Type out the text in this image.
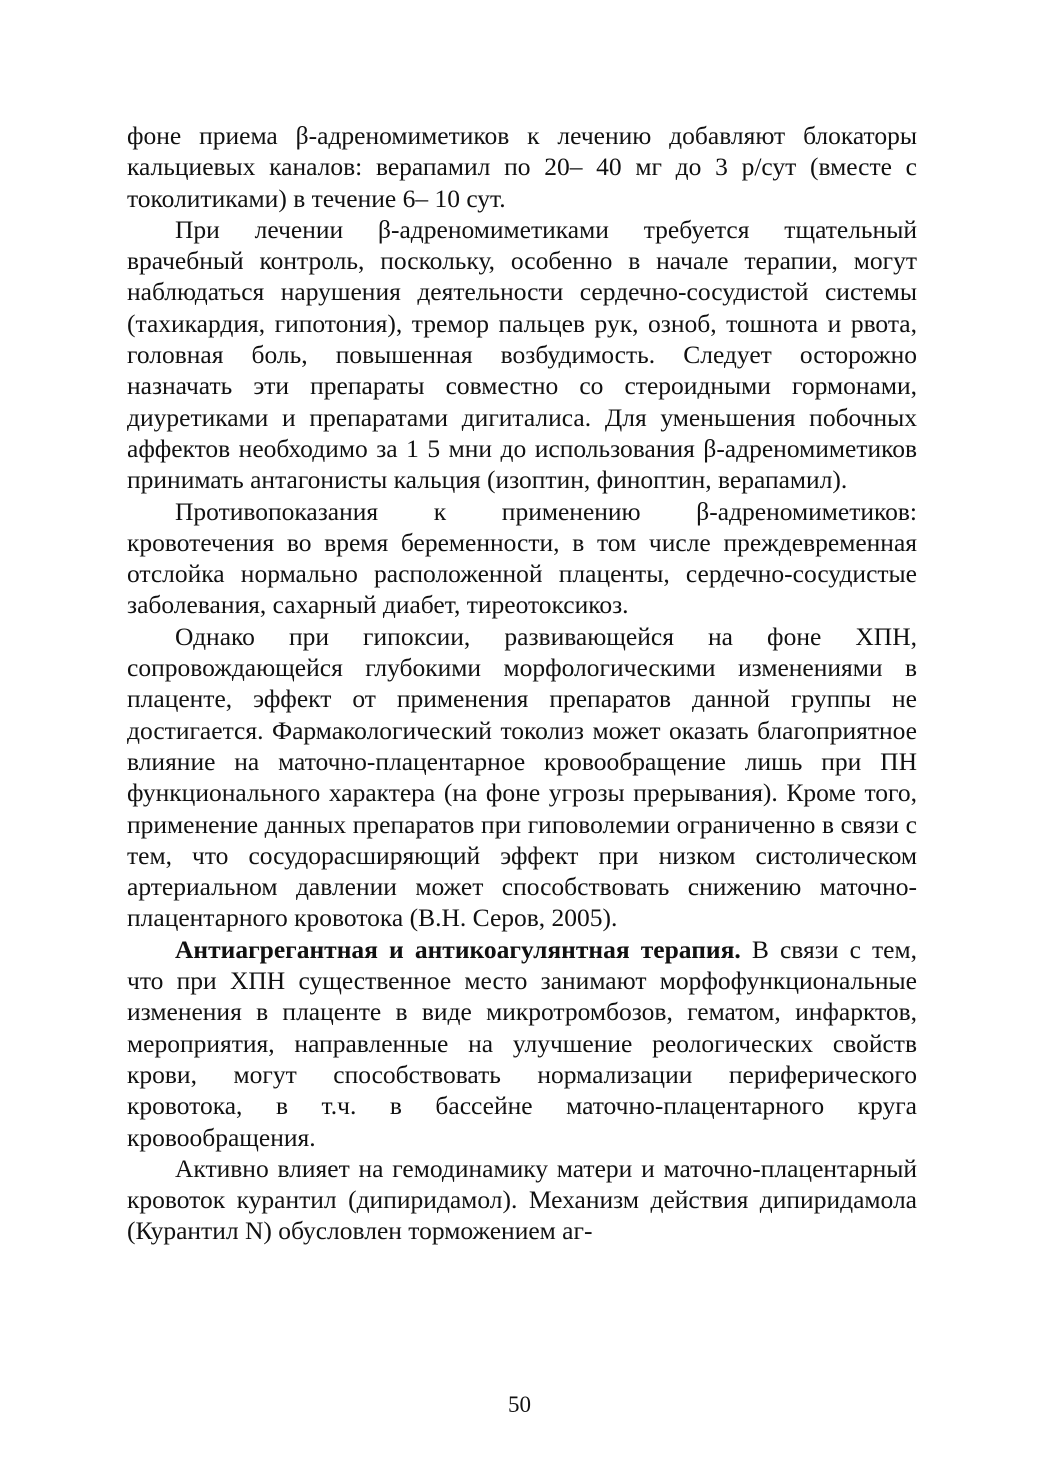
фоне приема β-адреномиметиков к лечению добавляют блокаторы кальциевых каналов: верапамил по 20– 40 мг до 3 р/сут (вместе с токолитиками) в течение 6– 10 сут.

При лечении β-адреномиметиками требуется тщательный врачебный контроль, поскольку, особенно в начале терапии, могут наблюдаться нарушения деятельности сердечно-сосудистой системы (тахикардия, гипотония), тремор пальцев рук, озноб, тошнота и рвота, головная боль, повышенная возбудимость. Следует осторожно назначать эти препараты совместно со стероидными гормонами, диуретиками и препаратами дигиталиса. Для уменьшения побочных аффектов необходимо за 1 5 мни до использования β-адреномиметиков принимать антагонисты кальция (изоптин, финоптин, верапамил).

Противопоказания к применению β-адреномиметиков: кровотечения во время беременности, в том числе преждевременная отслойка нормально расположенной плаценты, сердечно-сосудистые заболевания, сахарный диабет, тиреотоксикоз.

Однако при гипоксии, развивающейся на фоне ХПН, сопровождающейся глубокими морфологическими изменениями в плаценте, эффект от применения препаратов данной группы не достигается. Фармакологический токолиз может оказать благоприятное влияние на маточно-плацентарное кровообращение лишь при ПН функционального характера (на фоне угрозы прерывания). Кроме того, применение данных препаратов при гиповолемии ограниченно в связи с тем, что сосудорасширяющий эффект при низком систолическом артериальном давлении может способствовать снижению маточно-плацентарного кровотока (В.Н. Серов, 2005).

Антиагрегантная и антикоагулянтная терапия. В связи с тем, что при ХПН существенное место занимают морфофункциональные изменения в плаценте в виде микротромбозов, гематом, инфарктов, мероприятия, направленные на улучшение реологических свойств крови, могут способствовать нормализации периферического кровотока, в т.ч. в бассейне маточно-плацентарного круга кровообращения.

Активно влияет на гемодинамику матери и маточно-плацентарный кровоток курантил (дипиридамол). Механизм действия дипиридамола (Курантил N) обусловлен торможением аг-

50
